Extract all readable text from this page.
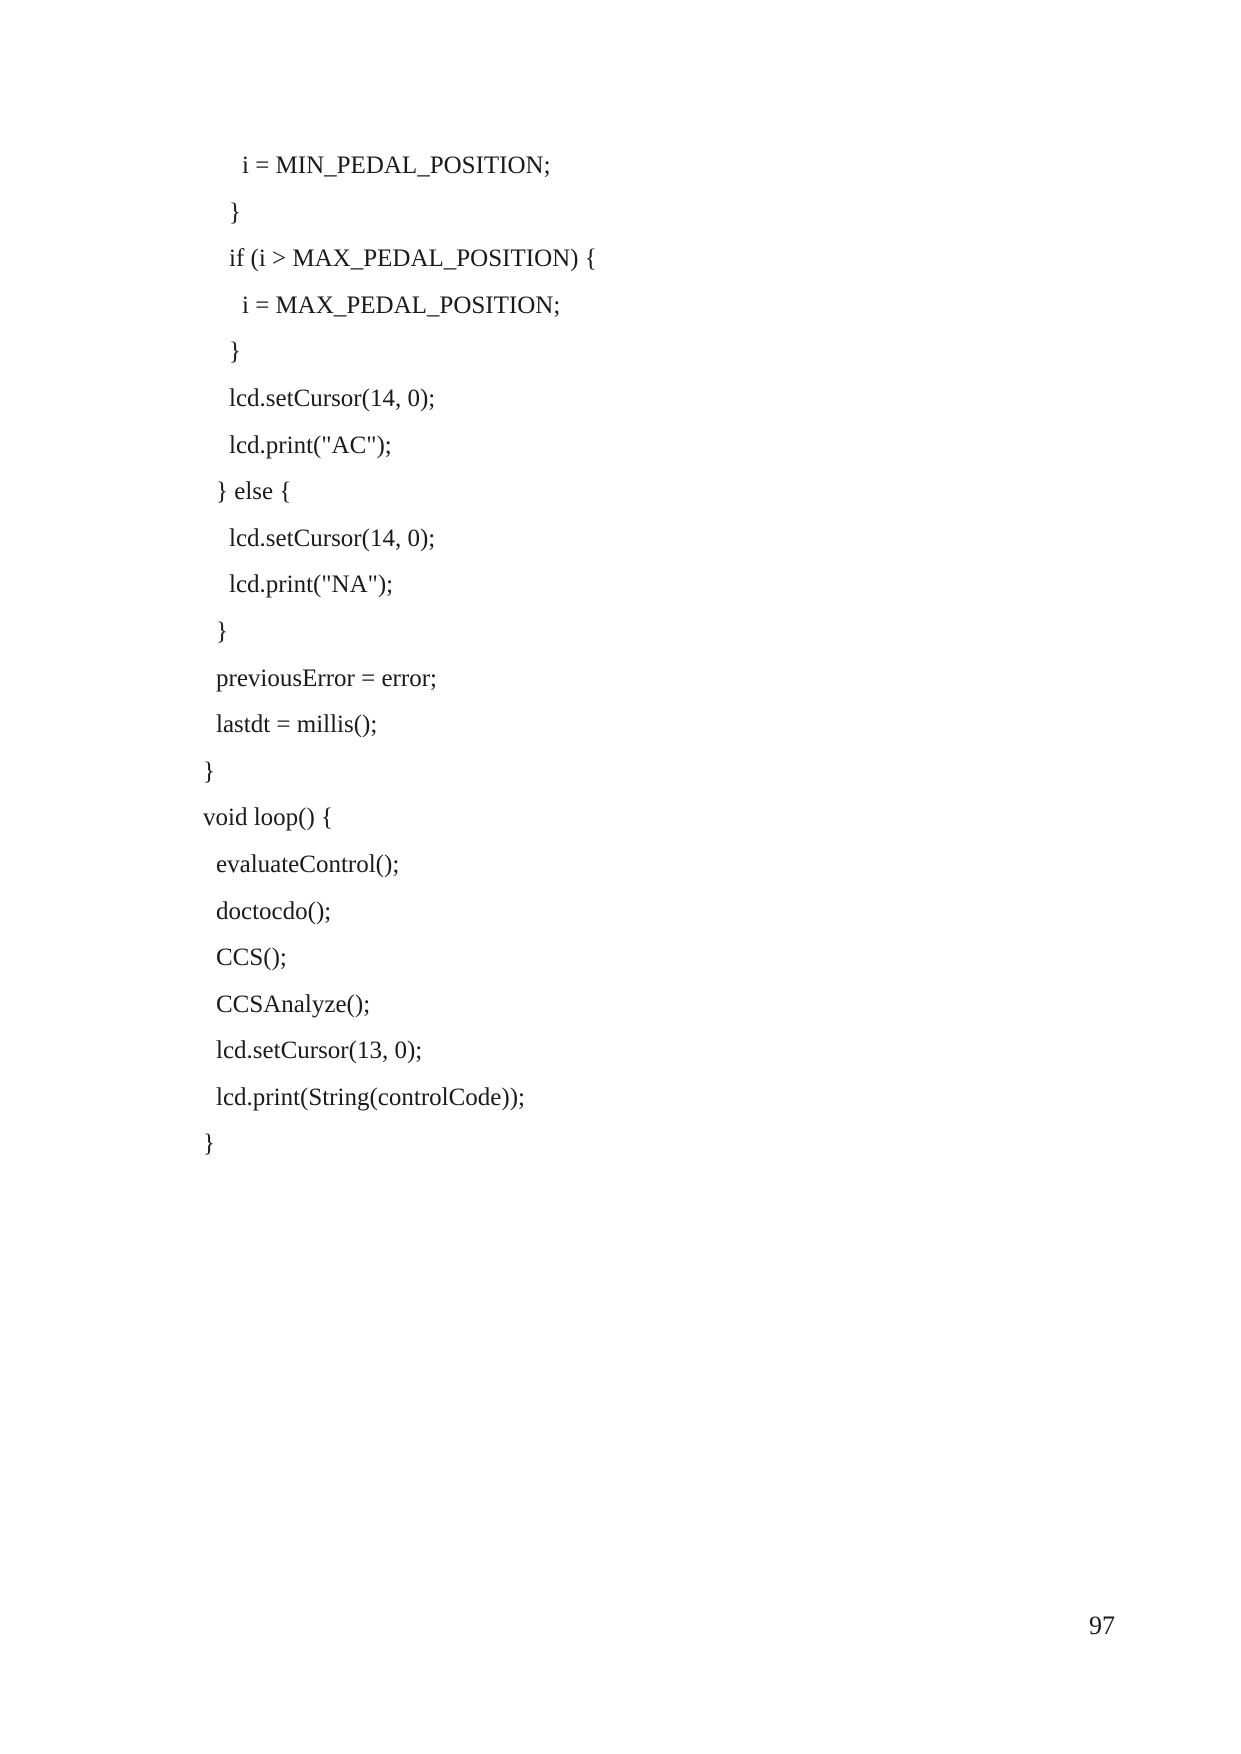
i = MIN_PEDAL_POSITION;
}
if (i > MAX_PEDAL_POSITION) {
i = MAX_PEDAL_POSITION;
}
lcd.setCursor(14, 0);
lcd.print("AC");
} else {
lcd.setCursor(14, 0);
lcd.print("NA");
}
previousError = error;
lastdt = millis();
}
void loop() {
evaluateControl();
doctocdo();
CCS();
CCSAnalyze();
lcd.setCursor(13, 0);
lcd.print(String(controlCode));
}
97
